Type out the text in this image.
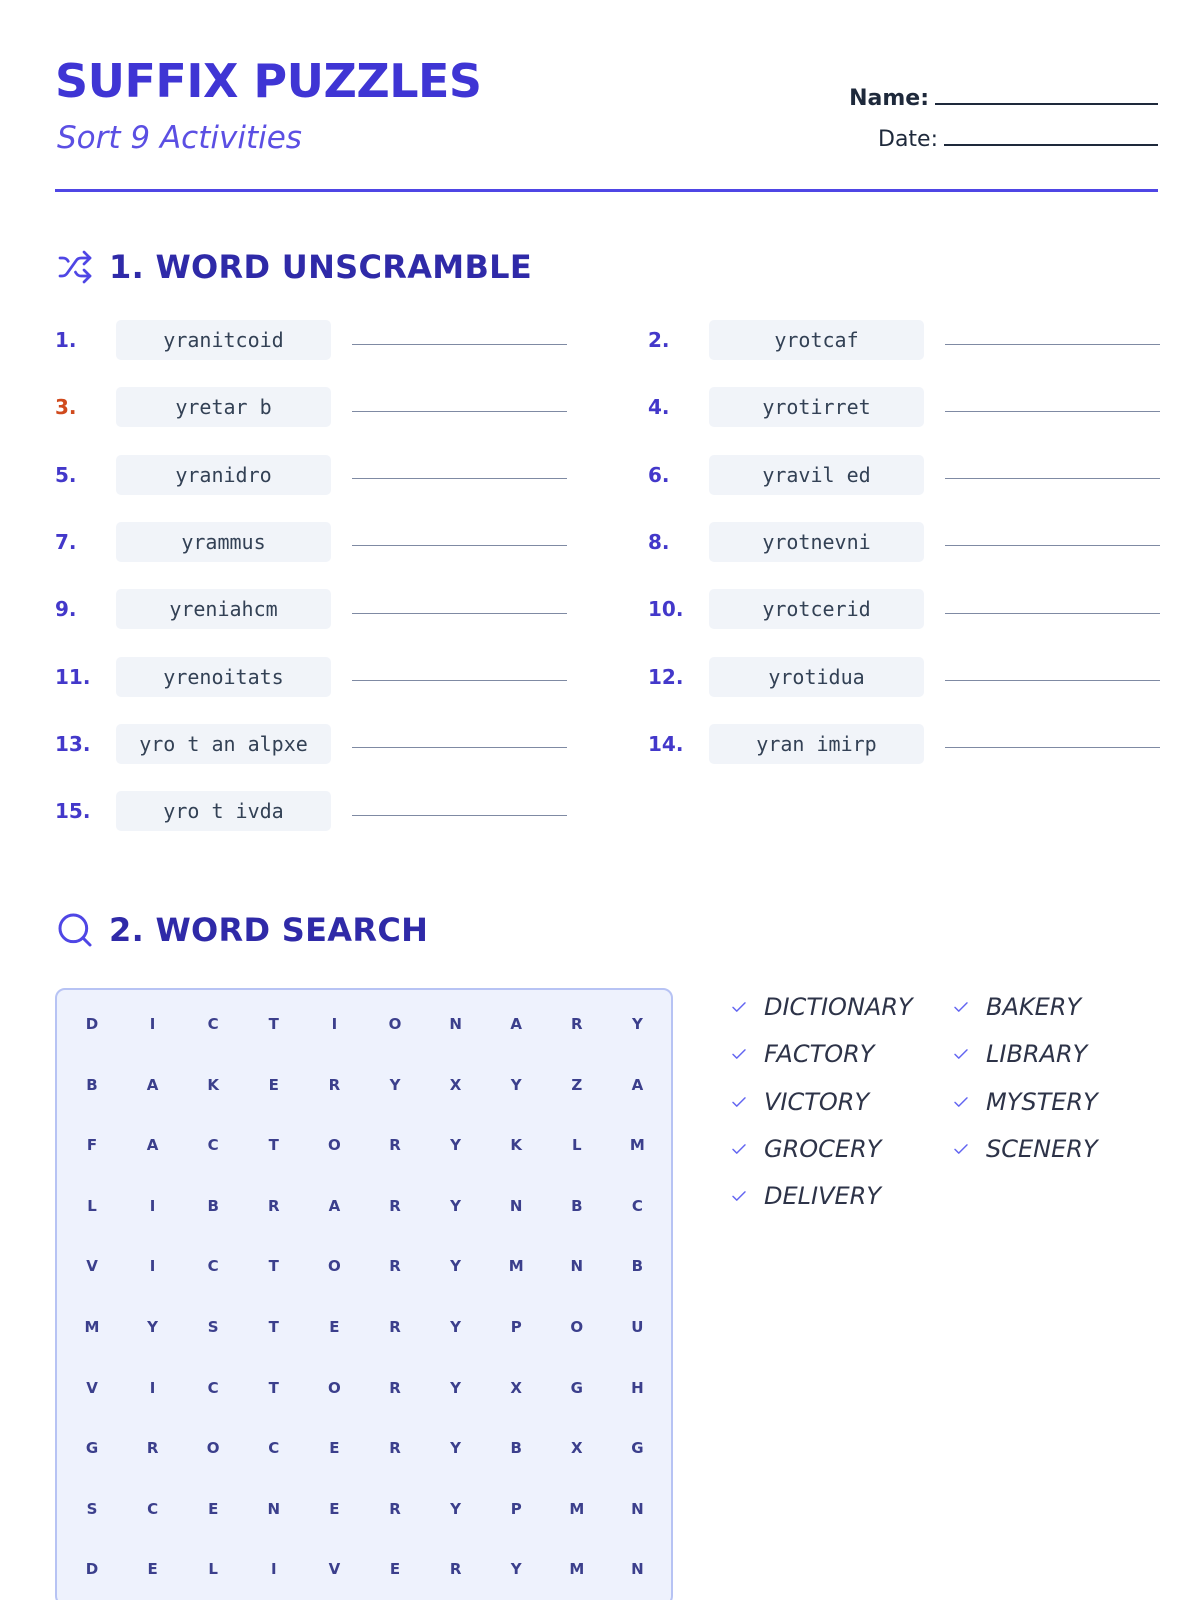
SUFFIX PUZZLES
Sort 9 Activities
Name:
Date:
1. WORD UNSCRAMBLE
1.	yranitcoid	2.	yrotcaf
3.	yretar b	4.	yrotirret
5.	yranidro	6.	yravil ed
7.	yrammus	8.	yrotnevni
9.	yreniahcm	10.	yrotcerid
11.	yrenoitats	12.	yrotidua
13.	yro t an alpxe	14.	yran imirp
15.	yro t ivda
2. WORD SEARCH
D	I	C	T	I	O	N	A	R	Y
B	A	K	E	R	Y	X	Y	Z	A
F	A	C	T	O	R	Y	K	L	M
L	I	B	R	A	R	Y	N	B	C
V	I	C	T	O	R	Y	M	N	B
M	Y	S	T	E	R	Y	P	O	U
V	I	C	T	O	R	Y	X	G	H
G	R	O	C	E	R	Y	B	X	G
S	C	E	N	E	R	Y	P	M	N
D	E	L	I	V	E	R	Y	M	N
DICTIONARY	BAKERY
FACTORY	LIBRARY
VICTORY	MYSTERY
GROCERY	SCENERY
DELIVERY
